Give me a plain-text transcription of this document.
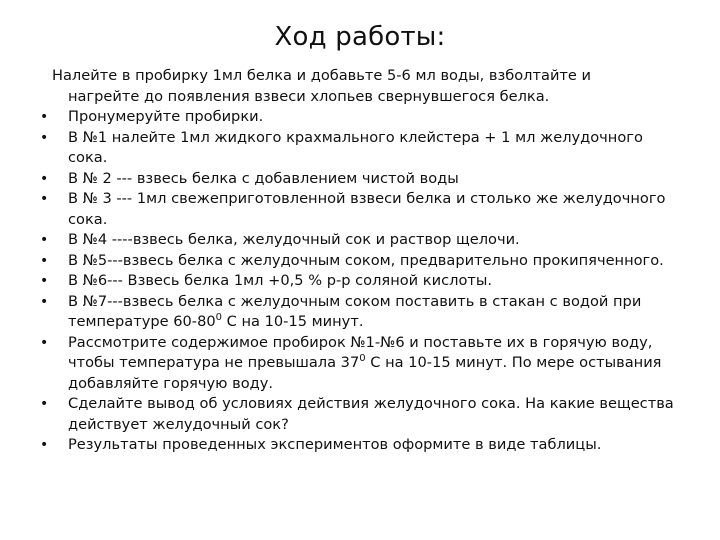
Ход работы:
Налейте в пробирку 1мл белка и добавьте 5-6 мл воды, взболтайте и
нагрейте до появления взвеси хлопьев свернувшегося белка.
•	Пронумеруйте пробирки.
•	В №1 налейте 1мл жидкого крахмального клейстера + 1 мл желудочного сока.
•	В № 2 --- взвесь белка с добавлением чистой воды
•	В № 3 --- 1мл свежеприготовленной взвеси белка и столько же желудочного сока.
•	В №4 ----взвесь белка, желудочный сок и раствор щелочи.
•	В №5---взвесь белка с желудочным соком, предварительно прокипяченного.
•	В №6--- Взвесь белка 1мл +0,5 % р-р соляной кислоты.
•	В №7---взвесь белка с желудочным соком поставить в стакан с водой при температуре $60-80^0$ С на 10-15 минут.
•	Рассмотрите содержимое пробирок №1-№6 и поставьте их в горячую воду, чтобы температура не превышала $37^0$ С на 10-15 минут. По мере остывания добавляйте горячую воду.
•	Сделайте вывод об условиях действия желудочного сока. На какие вещества действует желудочный сок?
•	Результаты проведенных экспериментов оформите в виде таблицы.
